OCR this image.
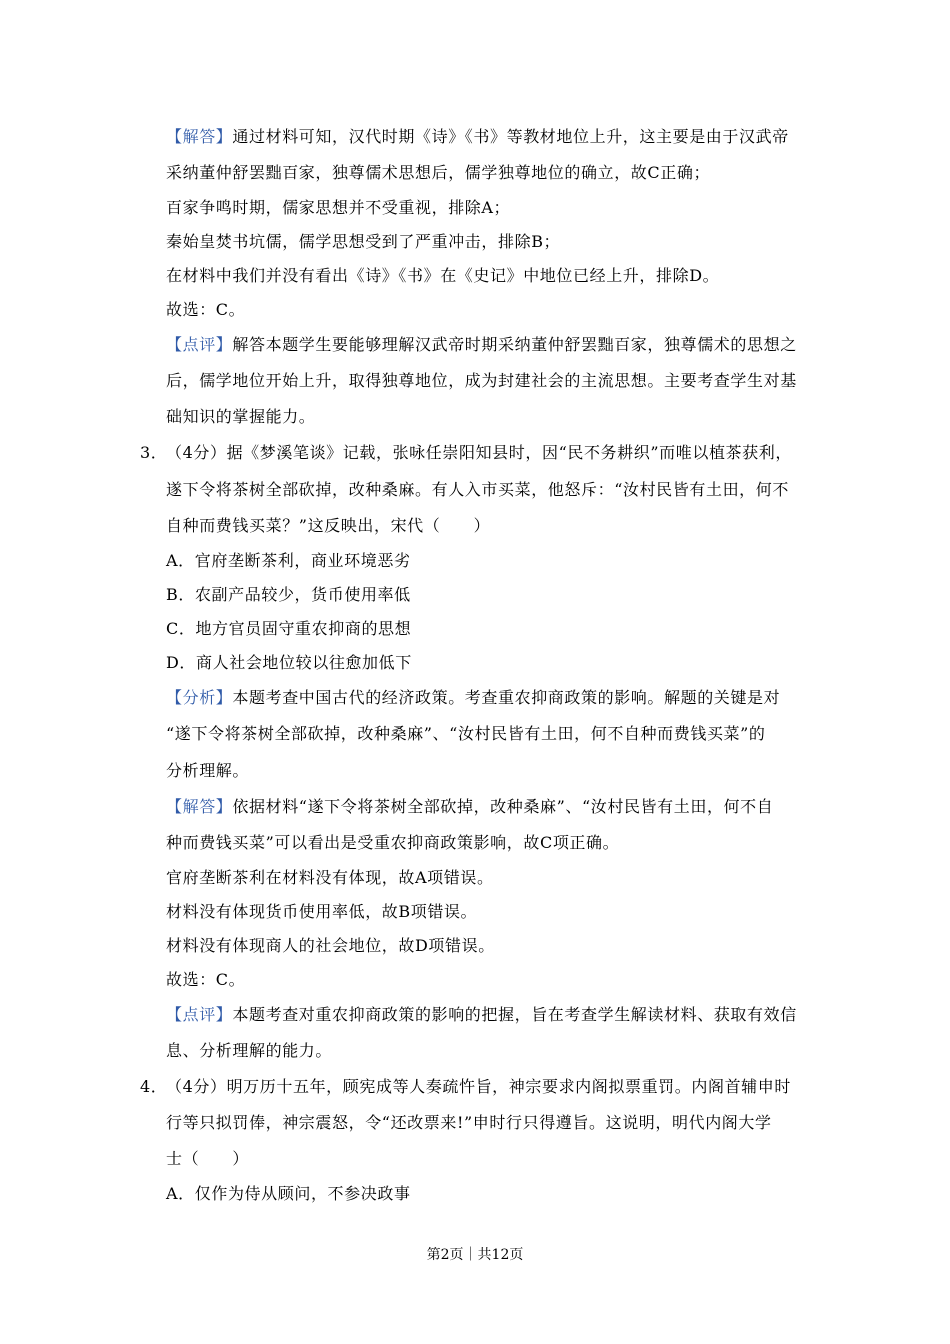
【解答】通过材料可知，汉代时期《诗》《书》等教材地位上升，这主要是由于汉武帝
采纳董仲舒罢黜百家，独尊儒术思想后，儒学独尊地位的确立，故C正确；
百家争鸣时期，儒家思想并不受重视，排除A；
秦始皇焚书坑儒，儒学思想受到了严重冲击，排除B；
在材料中我们并没有看出《诗》《书》在《史记》中地位已经上升，排除D。
故选：C。
【点评】解答本题学生要能够理解汉武帝时期采纳董仲舒罢黜百家，独尊儒术的思想之
后，儒学地位开始上升，取得独尊地位，成为封建社会的主流思想。主要考查学生对基
础知识的掌握能力。
3．
（4分）据《梦溪笔谈》记载，张咏任崇阳知县时，因“民不务耕织”而唯以植茶获利，
遂下令将茶树全部砍掉，改种桑麻。有人入市买菜，他怒斥：“汝村民皆有土田，何不
自种而费钱买菜？”这反映出，宋代（　　）
A．官府垄断茶利，商业环境恶劣
B．农副产品较少，货币使用率低
C．地方官员固守重农抑商的思想
D．商人社会地位较以往愈加低下
【分析】本题考查中国古代的经济政策。考查重农抑商政策的影响。解题的关键是对
“遂下令将茶树全部砍掉，改种桑麻”、“汝村民皆有土田，何不自种而费钱买菜”的
分析理解。
【解答】依据材料“遂下令将茶树全部砍掉，改种桑麻”、“汝村民皆有土田，何不自
种而费钱买菜”可以看出是受重农抑商政策影响，故C项正确。
官府垄断茶利在材料没有体现，故A项错误。
材料没有体现货币使用率低，故B项错误。
材料没有体现商人的社会地位，故D项错误。
故选：C。
【点评】本题考查对重农抑商政策的影响的把握，旨在考查学生解读材料、获取有效信
息、分析理解的能力。
4．
（4分）明万历十五年，顾宪成等人奏疏忤旨，神宗要求内阁拟票重罚。内阁首辅申时
行等只拟罚俸，神宗震怒，令“还改票来!”申时行只得遵旨。这说明，明代内阁大学
士（　　）
A．仅作为侍从顾问，不参决政事
第2页｜共12页
